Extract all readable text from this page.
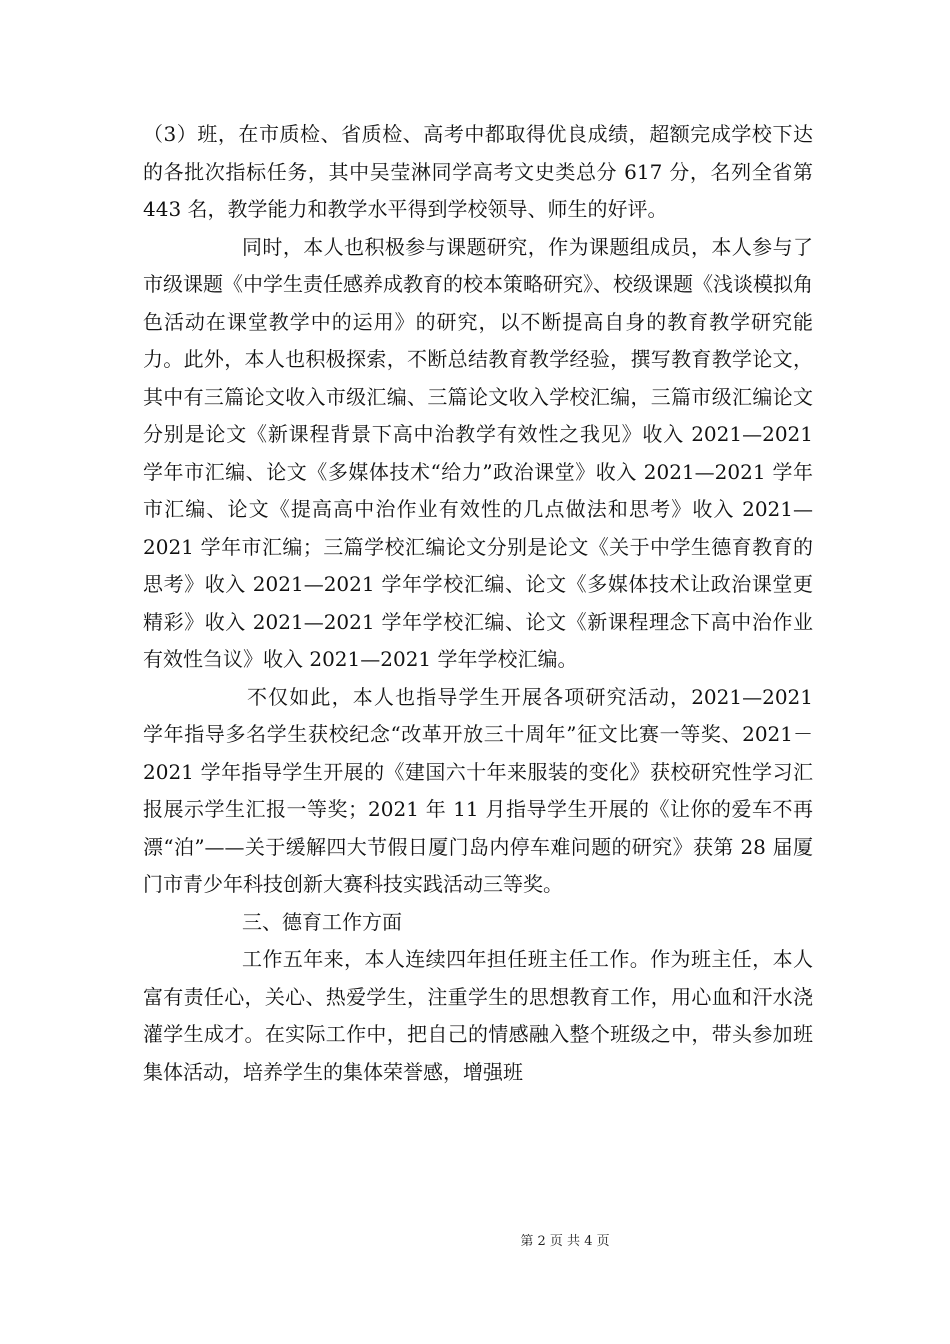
（3）班，在市质检、省质检、高考中都取得优良成绩，超额完成学校下达的各批次指标任务，其中吴莹淋同学高考文史类总分 617 分，名列全省第 443 名，教学能力和教学水平得到学校领导、师生的好评。

同时，本人也积极参与课题研究，作为课题组成员，本人参与了市级课题《中学生责任感养成教育的校本策略研究》、校级课题《浅谈模拟角色活动在课堂教学中的运用》的研究，以不断提高自身的教育教学研究能力。此外，本人也积极探索，不断总结教育教学经验，撰写教育教学论文，其中有三篇论文收入市级汇编、三篇论文收入学校汇编，三篇市级汇编论文分别是论文《新课程背景下高中治教学有效性之我见》收入 2021—2021 学年市汇编、论文《多媒体技术“给力”政治课堂》收入 2021—2021 学年市汇编、论文《提高高中治作业有效性的几点做法和思考》收入 2021—2021 学年市汇编；三篇学校汇编论文分别是论文《关于中学生德育教育的思考》收入 2021—2021 学年学校汇编、论文《多媒体技术让政治课堂更精彩》收入 2021—2021 学年学校汇编、论文《新课程理念下高中治作业有效性刍议》收入 2021—2021 学年学校汇编。

不仅如此，本人也指导学生开展各项研究活动，2021—2021 学年指导多名学生获校纪念“改革开放三十周年”征文比赛一等奖、2021－2021 学年指导学生开展的《建国六十年来服装的变化》获校研究性学习汇报展示学生汇报一等奖；2021 年 11 月指导学生开展的《让你的爱车不再漂“泊”——关于缓解四大节假日厦门岛内停车难问题的研究》获第 28 届厦门市青少年科技创新大赛科技实践活动三等奖。

三、德育工作方面

工作五年来，本人连续四年担任班主任工作。作为班主任，本人富有责任心，关心、热爱学生，注重学生的思想教育工作，用心血和汗水浇灌学生成才。在实际工作中，把自己的情感融入整个班级之中，带头参加班集体活动，培养学生的集体荣誉感，增强班

第 2 页 共 4 页
